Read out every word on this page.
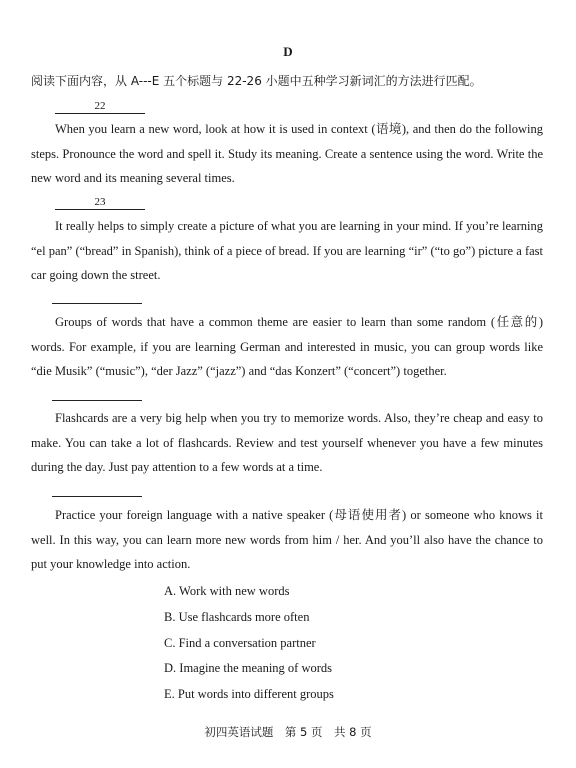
D
阅读下面内容，从 A---E 五个标题与 22-26 小题中五种学习新词汇的方法进行匹配。
22
When you learn a new word, look at how it is used in context (语境), and then do the following steps. Pronounce the word and spell it. Study its meaning. Create a sentence using the word. Write the new word and its meaning several times.
23
It really helps to simply create a picture of what you are learning in your mind. If you’re learning “el pan” (“bread” in Spanish), think of a piece of bread. If you are learning “ir” (“to go”) picture a fast car going down the street.
Groups of words that have a common theme are easier to learn than some random (任意的) words. For example, if you are learning German and interested in music, you can group words like “die Musik” (“music”), “der Jazz” (“jazz”) and “das Konzert” (“concert”) together.
Flashcards are a very big help when you try to memorize words. Also, they’re cheap and easy to make. You can take a lot of flashcards. Review and test yourself whenever you have a few minutes during the day. Just pay attention to a few words at a time.
Practice your foreign language with a native speaker (母语使用者) or someone who knows it well. In this way, you can learn more new words from him / her. And you’ll also have the chance to put your knowledge into action.
A. Work with new words
B. Use flashcards more often
C. Find a conversation partner
D. Imagine the meaning of words
E. Put words into different groups
初四英语试题　第 5 页　共 8 页
